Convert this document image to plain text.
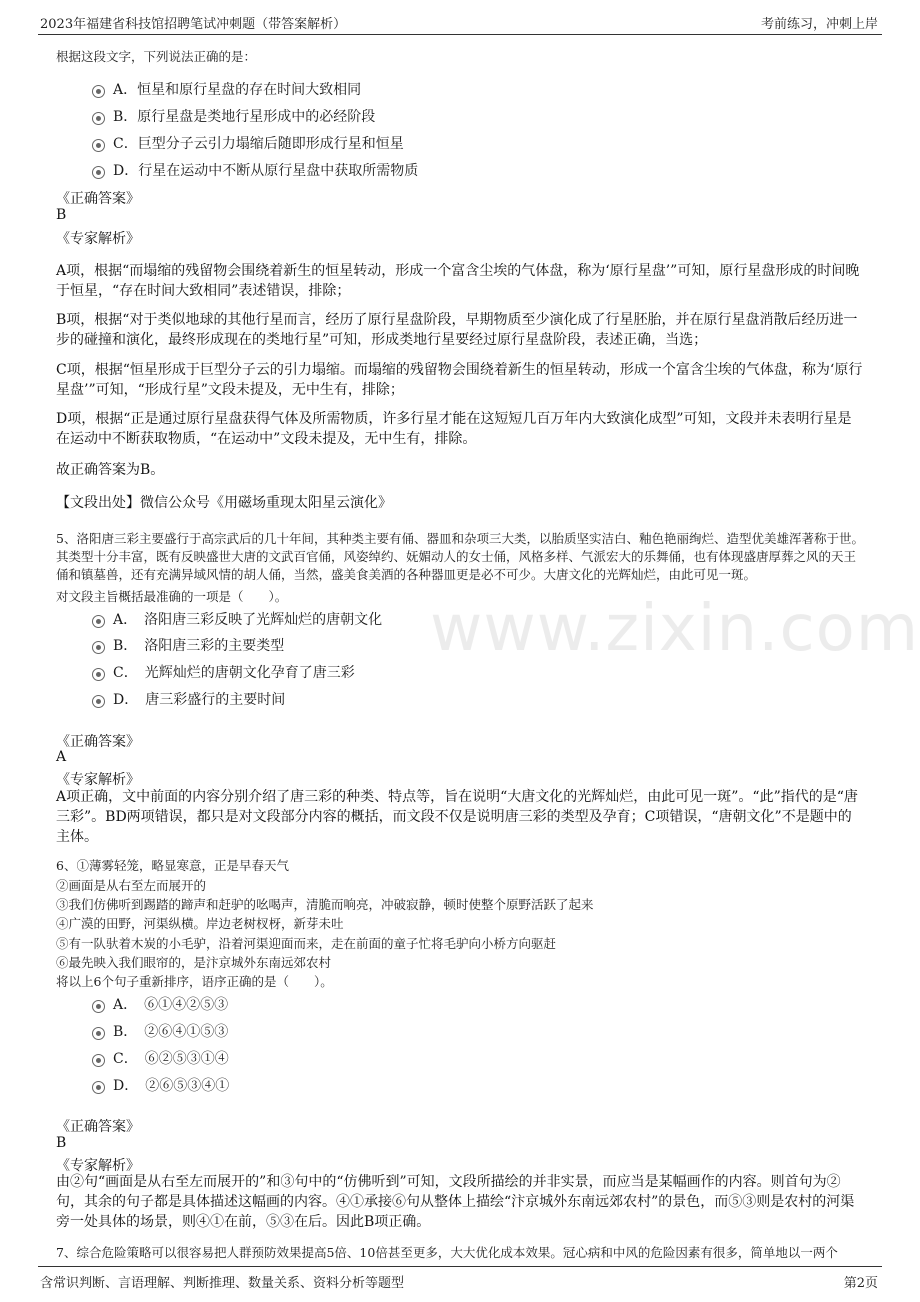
2023年福建省科技馆招聘笔试冲刺题（带答案解析）	考前练习，冲刺上岸
www.zixin.com
根据这段文字，下列说法正确的是：
A．恒星和原行星盘的存在时间大致相同
B．原行星盘是类地行星形成中的必经阶段
C．巨型分子云引力塌缩后随即形成行星和恒星
D．行星在运动中不断从原行星盘中获取所需物质
《正确答案》
B
《专家解析》
A项，根据“而塌缩的残留物会围绕着新生的恒星转动，形成一个富含尘埃的气体盘，称为‘原行星盘’”可知，原行星盘形成的时间晚于恒星，“存在时间大致相同”表述错误，排除；
B项，根据“对于类似地球的其他行星而言，经历了原行星盘阶段，早期物质至少演化成了行星胚胎，并在原行星盘消散后经历进一步的碰撞和演化，最终形成现在的类地行星”可知，形成类地行星要经过原行星盘阶段，表述正确，当选；
C项，根据“恒星形成于巨型分子云的引力塌缩。而塌缩的残留物会围绕着新生的恒星转动，形成一个富含尘埃的气体盘，称为‘原行星盘’”可知，“形成行星”文段未提及，无中生有，排除；
D项，根据“正是通过原行星盘获得气体及所需物质，许多行星才能在这短短几百万年内大致演化成型”可知，文段并未表明行星是在运动中不断获取物质，“在运动中”文段未提及，无中生有，排除。
故正确答案为B。
【文段出处】微信公众号《用磁场重现太阳星云演化》
5、洛阳唐三彩主要盛行于高宗武后的几十年间，其种类主要有俑、器皿和杂项三大类，以胎质坚实洁白、釉色艳丽绚烂、造型优美雄浑著称于世。其类型十分丰富，既有反映盛世大唐的文武百官俑，风姿绰约、妩媚动人的女士俑，风格多样、气派宏大的乐舞俑，也有体现盛唐厚葬之风的天王俑和镇墓兽，还有充满异域风情的胡人俑，当然，盛美食美酒的各种器皿更是必不可少。大唐文化的光辉灿烂，由此可见一斑。
对文段主旨概括最准确的一项是（　　）。
A．　洛阳唐三彩反映了光辉灿烂的唐朝文化
B．　洛阳唐三彩的主要类型
C．　光辉灿烂的唐朝文化孕育了唐三彩
D．　唐三彩盛行的主要时间
《正确答案》
A
《专家解析》
A项正确，文中前面的内容分别介绍了唐三彩的种类、特点等，旨在说明“大唐文化的光辉灿烂，由此可见一斑”。“此”指代的是“唐三彩”。BD两项错误，都只是对文段部分内容的概括，而文段不仅是说明唐三彩的类型及孕育；C项错误，“唐朝文化”不是题中的主体。
6、①薄雾轻笼，略显寒意，正是早春天气
②画面是从右至左而展开的
③我们仿佛听到踢踏的蹄声和赶驴的吆喝声，清脆而响亮，冲破寂静，顿时使整个原野活跃了起来
④广漠的田野，河渠纵横。岸边老树杈枒，新芽未吐
⑤有一队驮着木炭的小毛驴，沿着河渠迎面而来，走在前面的童子忙将毛驴向小桥方向驱赶
⑥最先映入我们眼帘的，是汴京城外东南远郊农村
将以上6个句子重新排序，语序正确的是（　　）。
A．　⑥①④②⑤③
B．　②⑥④①⑤③
C．　⑥②⑤③①④
D．　②⑥⑤③④①
《正确答案》
B
《专家解析》
由②句“画面是从右至左而展开的”和③句中的“仿佛听到”可知，文段所描绘的并非实景，而应当是某幅画作的内容。则首句为②句，其余的句子都是具体描述这幅画的内容。④①承接⑥句从整体上描绘“汴京城外东南远郊农村”的景色，而⑤③则是农村的河渠旁一处具体的场景，则④①在前，⑤③在后。因此B项正确。
7、综合危险策略可以很容易把人群预防效果提高5倍、10倍甚至更多，大大优化成本效果。冠心病和中风的危险因素有很多，简单地以一两个
含常识判断、言语理解、判断推理、数量关系、资料分析等题型	第2页
